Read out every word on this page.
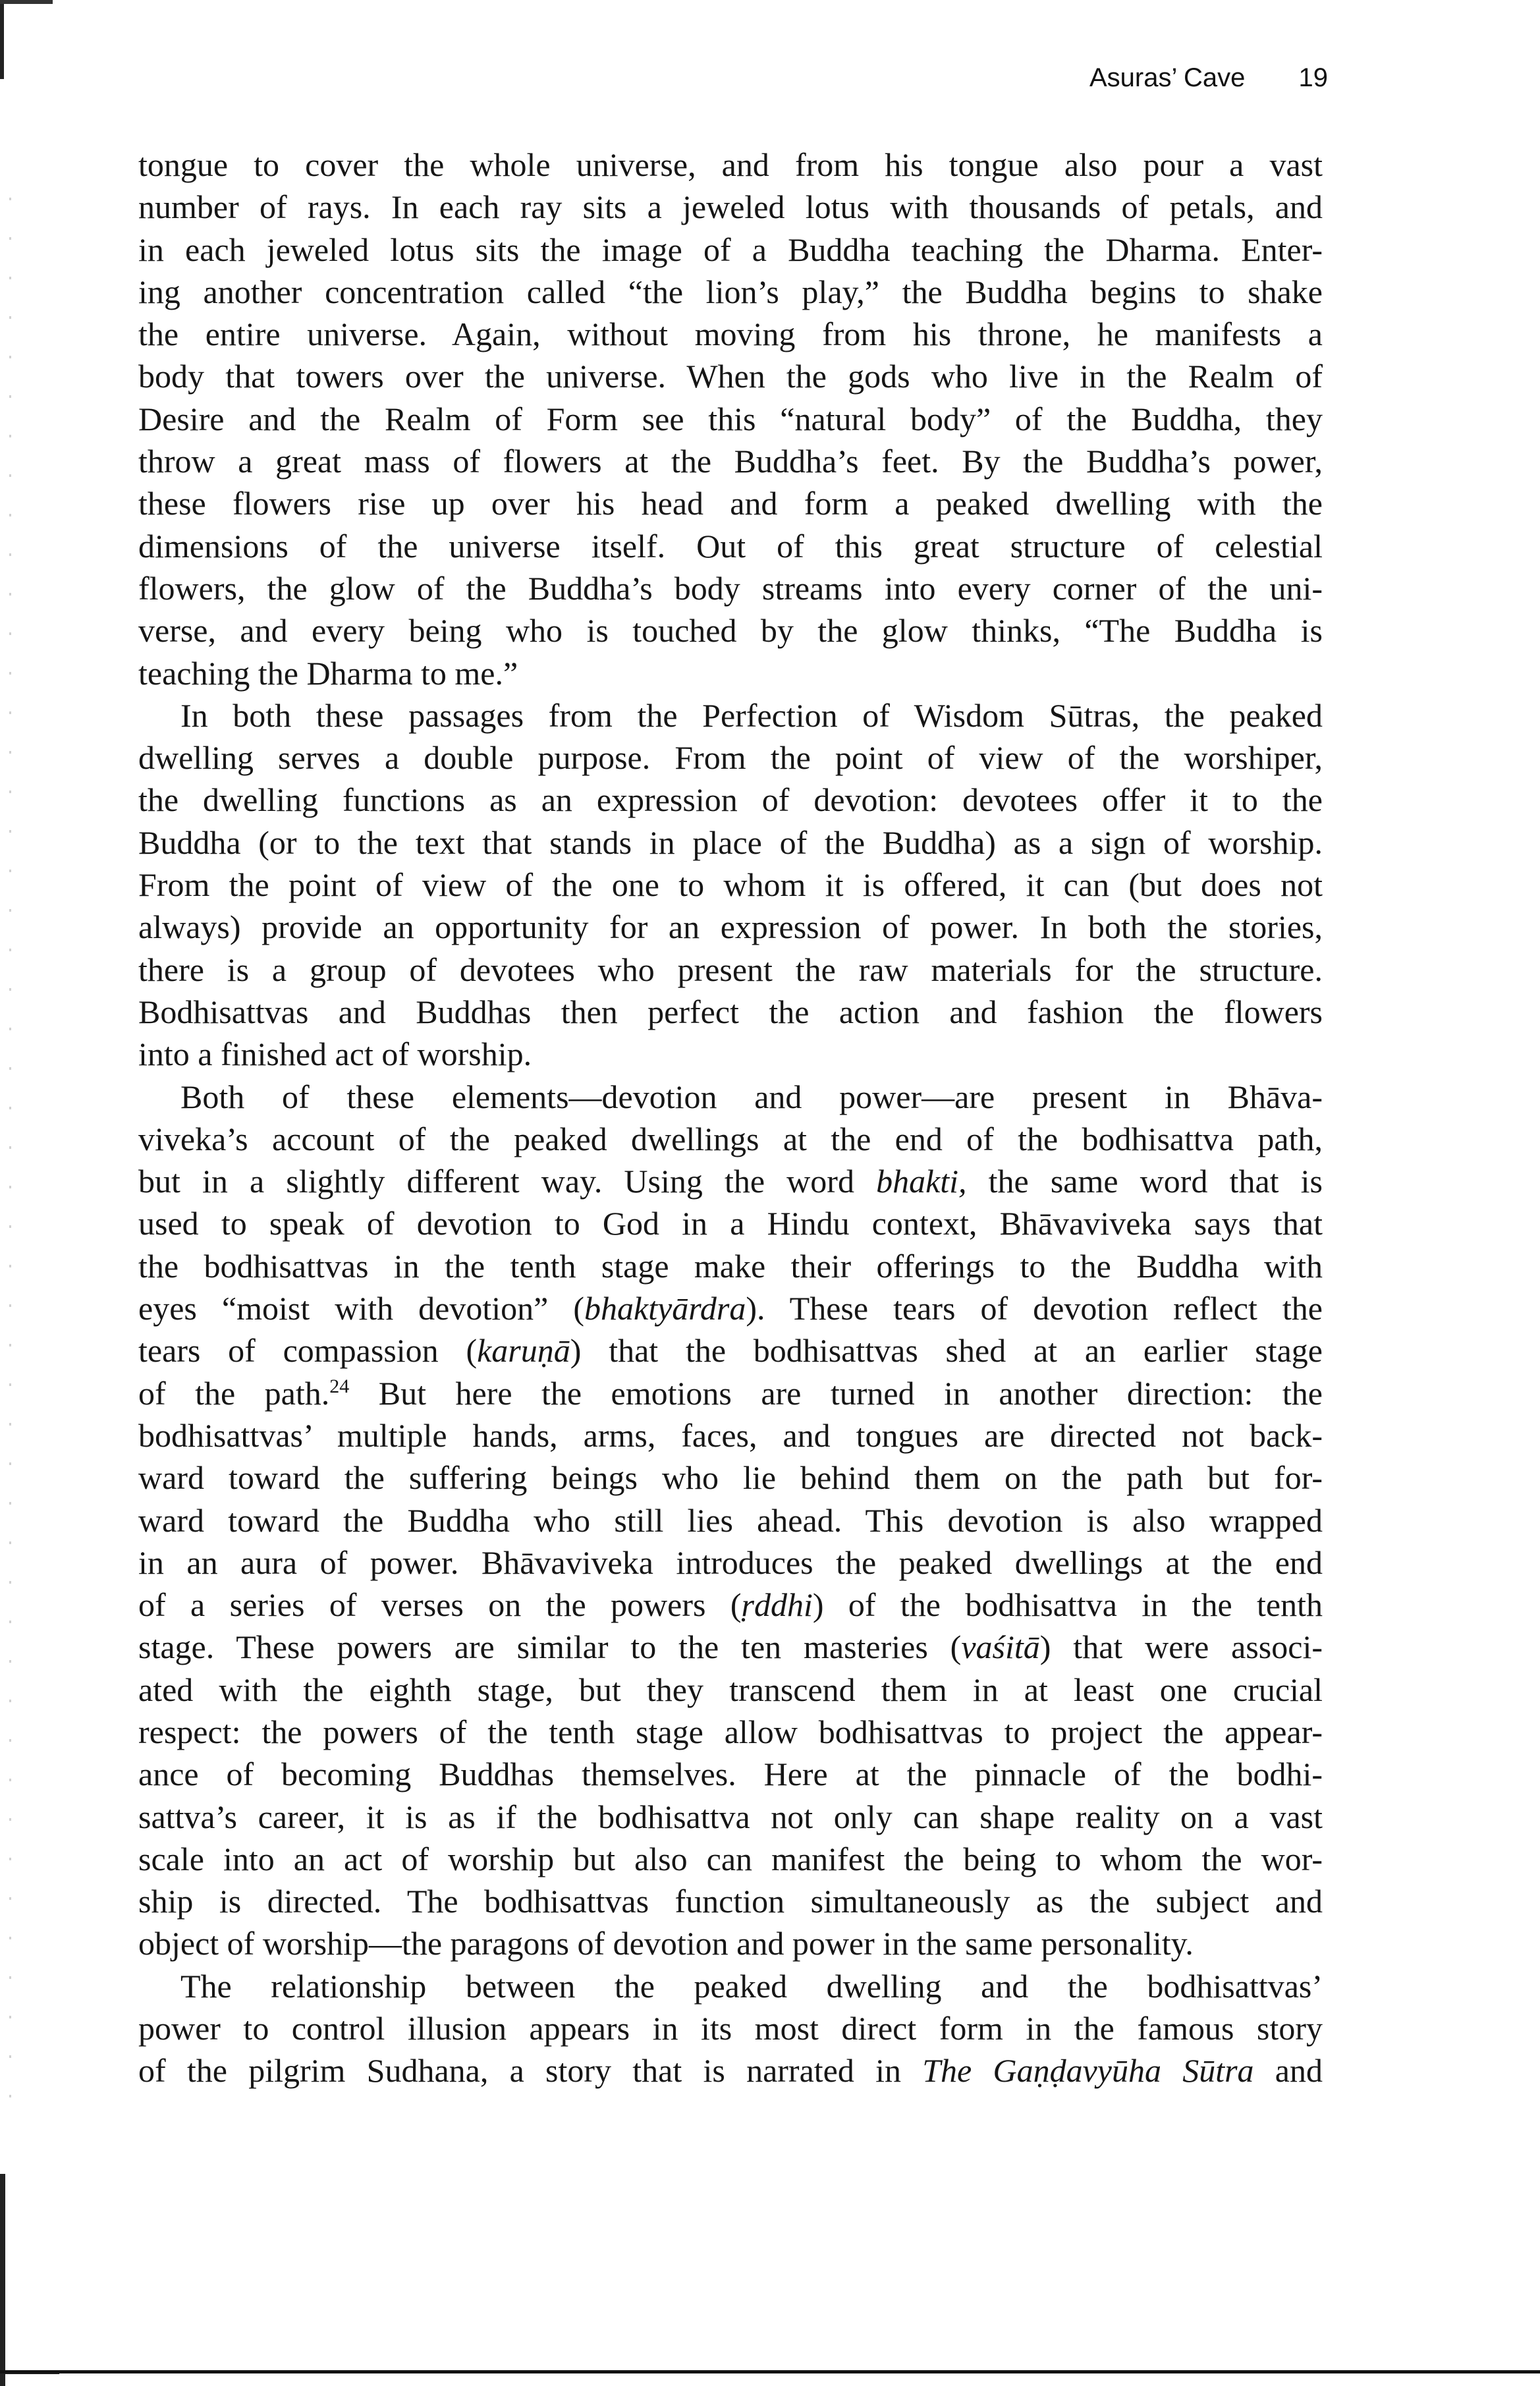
Asuras’ Cave 19
tongue to cover the whole universe, and from his tongue also pour a vast
number of rays. In each ray sits a jeweled lotus with thousands of petals, and
in each jeweled lotus sits the image of a Buddha teaching the Dharma. Enter-
ing another concentration called “the lion’s play,” the Buddha begins to shake
the entire universe. Again, without moving from his throne, he manifests a
body that towers over the universe. When the gods who live in the Realm of
Desire and the Realm of Form see this “natural body” of the Buddha, they
throw a great mass of flowers at the Buddha’s feet. By the Buddha’s power,
these flowers rise up over his head and form a peaked dwelling with the
dimensions of the universe itself. Out of this great structure of celestial
flowers, the glow of the Buddha’s body streams into every corner of the uni-
verse, and every being who is touched by the glow thinks, “The Buddha is
teaching the Dharma to me.”
In both these passages from the Perfection of Wisdom Sūtras, the peaked
dwelling serves a double purpose. From the point of view of the worshiper,
the dwelling functions as an expression of devotion: devotees offer it to the
Buddha (or to the text that stands in place of the Buddha) as a sign of worship.
From the point of view of the one to whom it is offered, it can (but does not
always) provide an opportunity for an expression of power. In both the stories,
there is a group of devotees who present the raw materials for the structure.
Bodhisattvas and Buddhas then perfect the action and fashion the flowers
into a finished act of worship.
Both of these elements—devotion and power—are present in Bhāva-
viveka’s account of the peaked dwellings at the end of the bodhisattva path,
but in a slightly different way. Using the word bhakti, the same word that is
used to speak of devotion to God in a Hindu context, Bhāvaviveka says that
the bodhisattvas in the tenth stage make their offerings to the Buddha with
eyes “moist with devotion” (bhaktyārdra). These tears of devotion reflect the
tears of compassion (karuṇā) that the bodhisattvas shed at an earlier stage
of the path.$^{24}$ But here the emotions are turned in another direction: the
bodhisattvas’ multiple hands, arms, faces, and tongues are directed not back-
ward toward the suffering beings who lie behind them on the path but for-
ward toward the Buddha who still lies ahead. This devotion is also wrapped
in an aura of power. Bhāvaviveka introduces the peaked dwellings at the end
of a series of verses on the powers (ṛddhi) of the bodhisattva in the tenth
stage. These powers are similar to the ten masteries (vaśitā) that were associ-
ated with the eighth stage, but they transcend them in at least one crucial
respect: the powers of the tenth stage allow bodhisattvas to project the appear-
ance of becoming Buddhas themselves. Here at the pinnacle of the bodhi-
sattva’s career, it is as if the bodhisattva not only can shape reality on a vast
scale into an act of worship but also can manifest the being to whom the wor-
ship is directed. The bodhisattvas function simultaneously as the subject and
object of worship—the paragons of devotion and power in the same personality.
The relationship between the peaked dwelling and the bodhisattvas’
power to control illusion appears in its most direct form in the famous story
of the pilgrim Sudhana, a story that is narrated in The Gaṇḍavyūha Sūtra and
